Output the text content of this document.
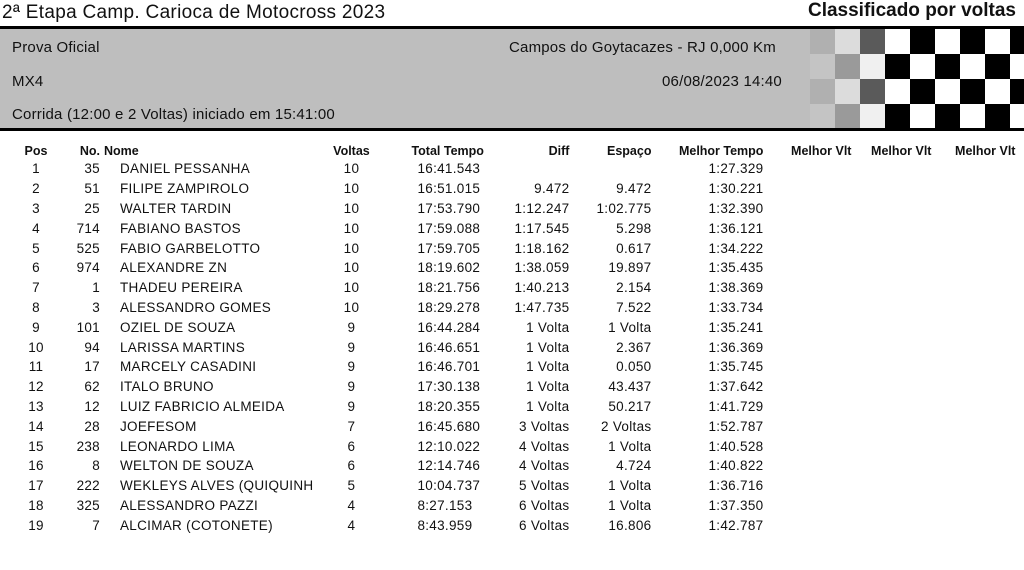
2ª Etapa Camp. Carioca de Motocross 2023	Classificado por voltas
Prova Oficial	Campos do Goytacazes - RJ 0,000 Km
MX4	06/08/2023 14:40
Corrida (12:00 e 2 Voltas) iniciado em 15:41:00
Pos	No.	Nome	Voltas	Total Tempo	Diff	Espaço	Melhor Tempo	Melhor Vlt	Melhor Vlt	Melhor Vlt
1	35	DANIEL PESSANHA	10	16:41.543			1:27.329			
2	51	FILIPE ZAMPIROLO	10	16:51.015	9.472	9.472	1:30.221			
3	25	WALTER TARDIN	10	17:53.790	1:12.247	1:02.775	1:32.390			
4	714	FABIANO BASTOS	10	17:59.088	1:17.545	5.298	1:36.121			
5	525	FABIO GARBELOTTO	10	17:59.705	1:18.162	0.617	1:34.222			
6	974	ALEXANDRE ZN	10	18:19.602	1:38.059	19.897	1:35.435			
7	1	THADEU PEREIRA	10	18:21.756	1:40.213	2.154	1:38.369			
8	3	ALESSANDRO GOMES	10	18:29.278	1:47.735	7.522	1:33.734			
9	101	OZIEL DE SOUZA	9	16:44.284	1 Volta	1 Volta	1:35.241			
10	94	LARISSA MARTINS	9	16:46.651	1 Volta	2.367	1:36.369			
11	17	MARCELY CASADINI	9	16:46.701	1 Volta	0.050	1:35.745			
12	62	ITALO BRUNO	9	17:30.138	1 Volta	43.437	1:37.642			
13	12	LUIZ FABRICIO ALMEIDA	9	18:20.355	1 Volta	50.217	1:41.729			
14	28	JOEFESOM	7	16:45.680	3 Voltas	2 Voltas	1:52.787			
15	238	LEONARDO LIMA	6	12:10.022	4 Voltas	1 Volta	1:40.528			
16	8	WELTON DE SOUZA	6	12:14.746	4 Voltas	4.724	1:40.822			
17	222	WEKLEYS ALVES (QUIQUINH	5	10:04.737	5 Voltas	1 Volta	1:36.716			
18	325	ALESSANDRO PAZZI	4	8:27.153	6 Voltas	1 Volta	1:37.350			
19	7	ALCIMAR (COTONETE)	4	8:43.959	6 Voltas	16.806	1:42.787			
